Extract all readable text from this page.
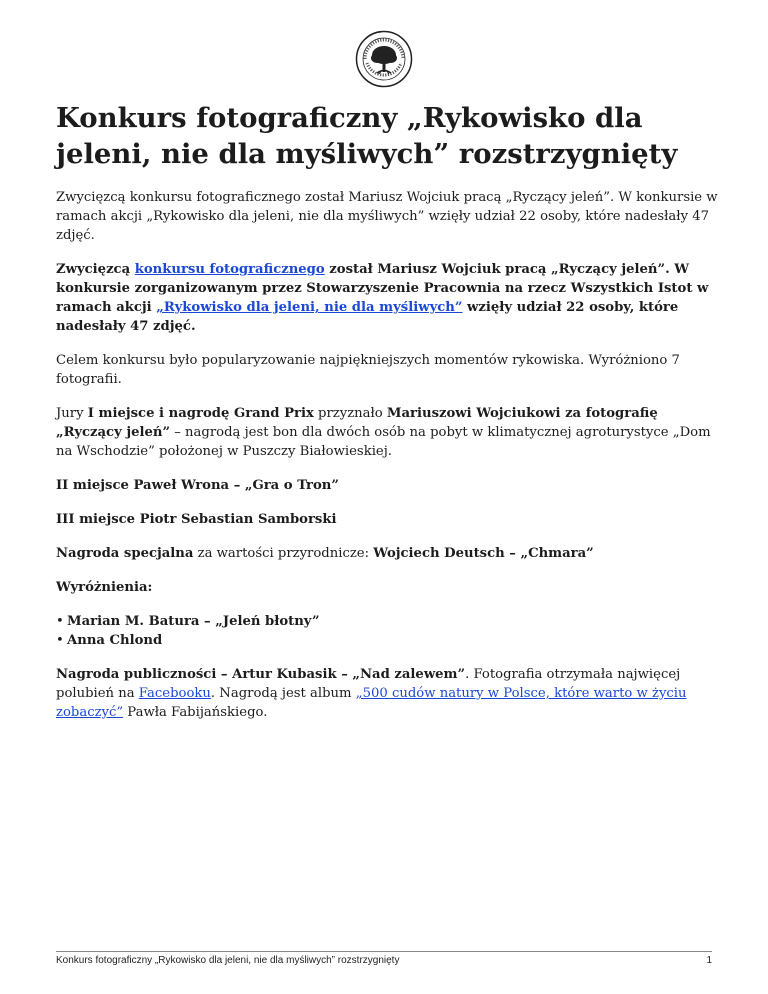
Konkurs fotograficzny „Rykowisko dla jeleni, nie dla myśliwych” rozstrzygnięty

Zwycięzcą konkursu fotograficznego został Mariusz Wojciuk pracą „Ryczący jeleń”. W konkursie w ramach akcji „Rykowisko dla jeleni, nie dla myśliwych” wzięły udział 22 osoby, które nadesłały 47 zdjęć.

Zwycięzcą konkursu fotograficznego został Mariusz Wojciuk pracą „Ryczący jeleń”. W konkursie zorganizowanym przez Stowarzyszenie Pracownia na rzecz Wszystkich Istot w ramach akcji „Rykowisko dla jeleni, nie dla myśliwych” wzięły udział 22 osoby, które nadesłały 47 zdjęć.

Celem konkursu było popularyzowanie najpiękniejszych momentów rykowiska. Wyróżniono 7 fotografii.

Jury I miejsce i nagrodę Grand Prix przyznało Mariuszowi Wojciukowi za fotografię „Ryczący jeleń” – nagrodą jest bon dla dwóch osób na pobyt w klimatycznej agroturystyce „Dom na Wschodzie” położonej w Puszczy Białowieskiej.

II miejsce Paweł Wrona – „Gra o Tron”

III miejsce Piotr Sebastian Samborski

Nagroda specjalna za wartości przyrodnicze: Wojciech Deutsch – „Chmara”

Wyróżnienia:

• Marian M. Batura – „Jeleń błotny”
• Anna Chlond

Nagroda publiczności – Artur Kubasik – „Nad zalewem”. Fotografia otrzymała najwięcej polubień na Facebooku. Nagrodą jest album „500 cudów natury w Polsce, które warto w życiu zobaczyć” Pawła Fabijańskiego.

Konkurs fotograficzny „Rykowisko dla jeleni, nie dla myśliwych” rozstrzygnięty	1
